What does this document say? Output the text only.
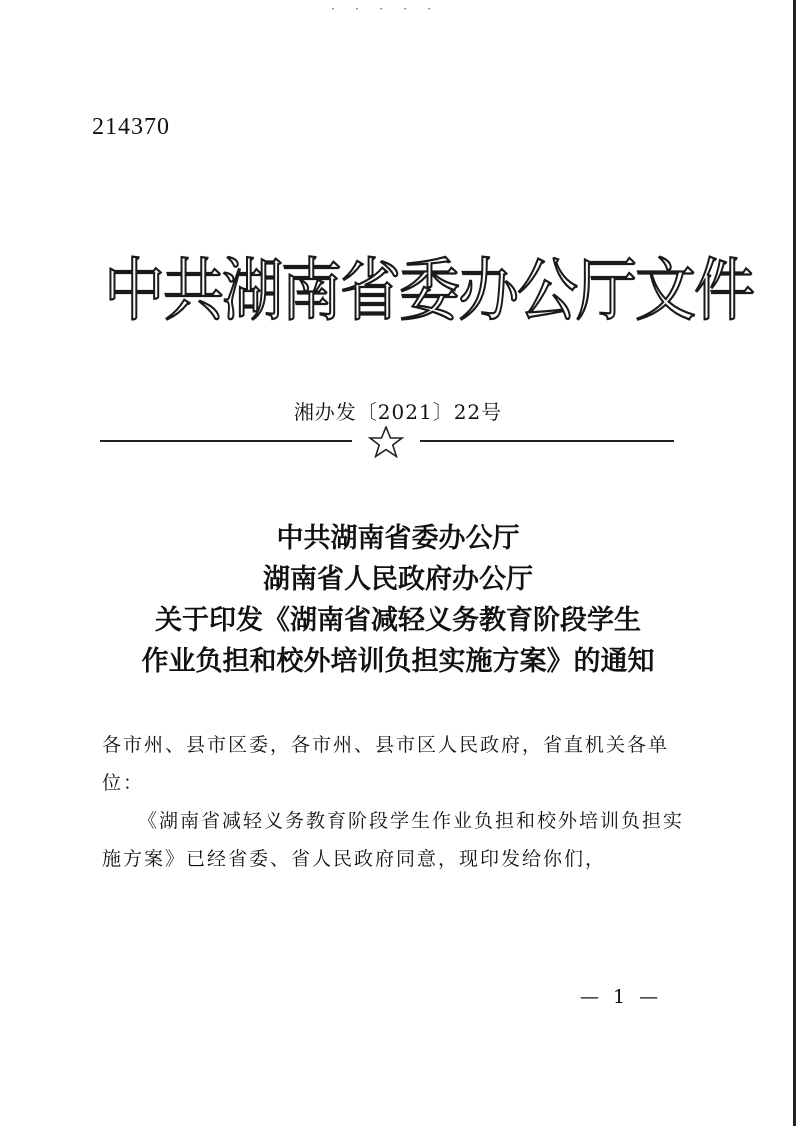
· · · · ·
214370
中共湖南省委办公厅文件
湘办发〔2021〕22号
中共湖南省委办公厅
湖南省人民政府办公厅
关于印发《湖南省减轻义务教育阶段学生
作业负担和校外培训负担实施方案》的通知

各市州、县市区委，各市州、县市区人民政府，省直机关各单位：

《湖南省减轻义务教育阶段学生作业负担和校外培训负担实施方案》已经省委、省人民政府同意，现印发给你们，

— 1 —
